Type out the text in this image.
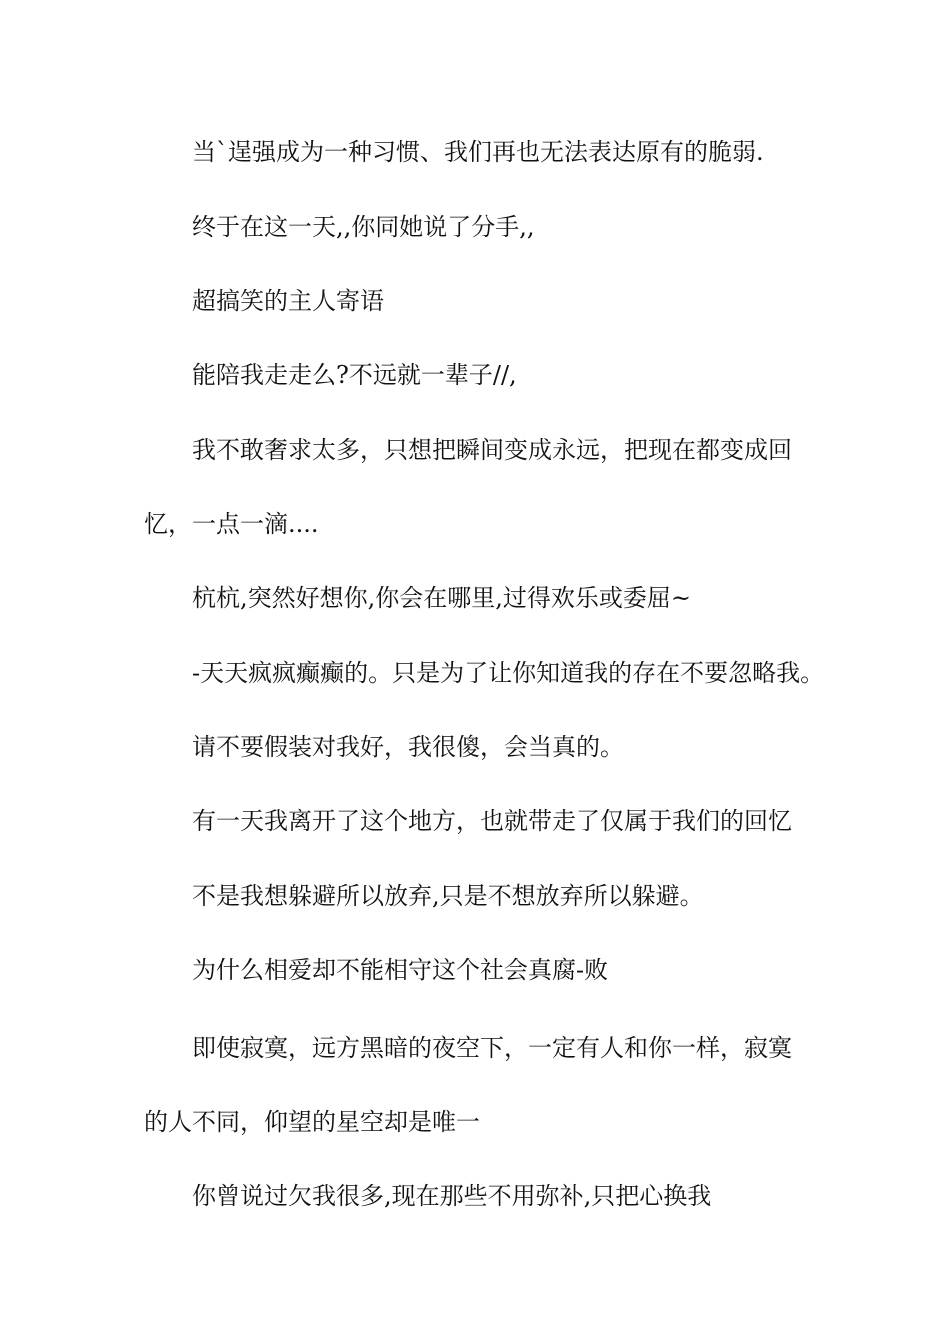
当ˋ逞强成为一种习惯、我们再也无法表达原有的脆弱.
终于在这一天,,你同她说了分手,,
超搞笑的主人寄语
能陪我走走么?不远就一辈子//,
我不敢奢求太多，只想把瞬间变成永远，把现在都变成回
忆，一点一滴....
杭杭,突然好想你,你会在哪里,过得欢乐或委屈~
-天天疯疯癫癫的。只是为了让你知道我的存在不要忽略我。
请不要假装对我好，我很傻，会当真的。
有一天我离开了这个地方，也就带走了仅属于我们的回忆
不是我想躲避所以放弃,只是不想放弃所以躲避。
为什么相爱却不能相守这个社会真腐-败
即使寂寞，远方黑暗的夜空下，一定有人和你一样，寂寞
的人不同，仰望的星空却是唯一
你曾说过欠我很多,现在那些不用弥补,只把心换我
